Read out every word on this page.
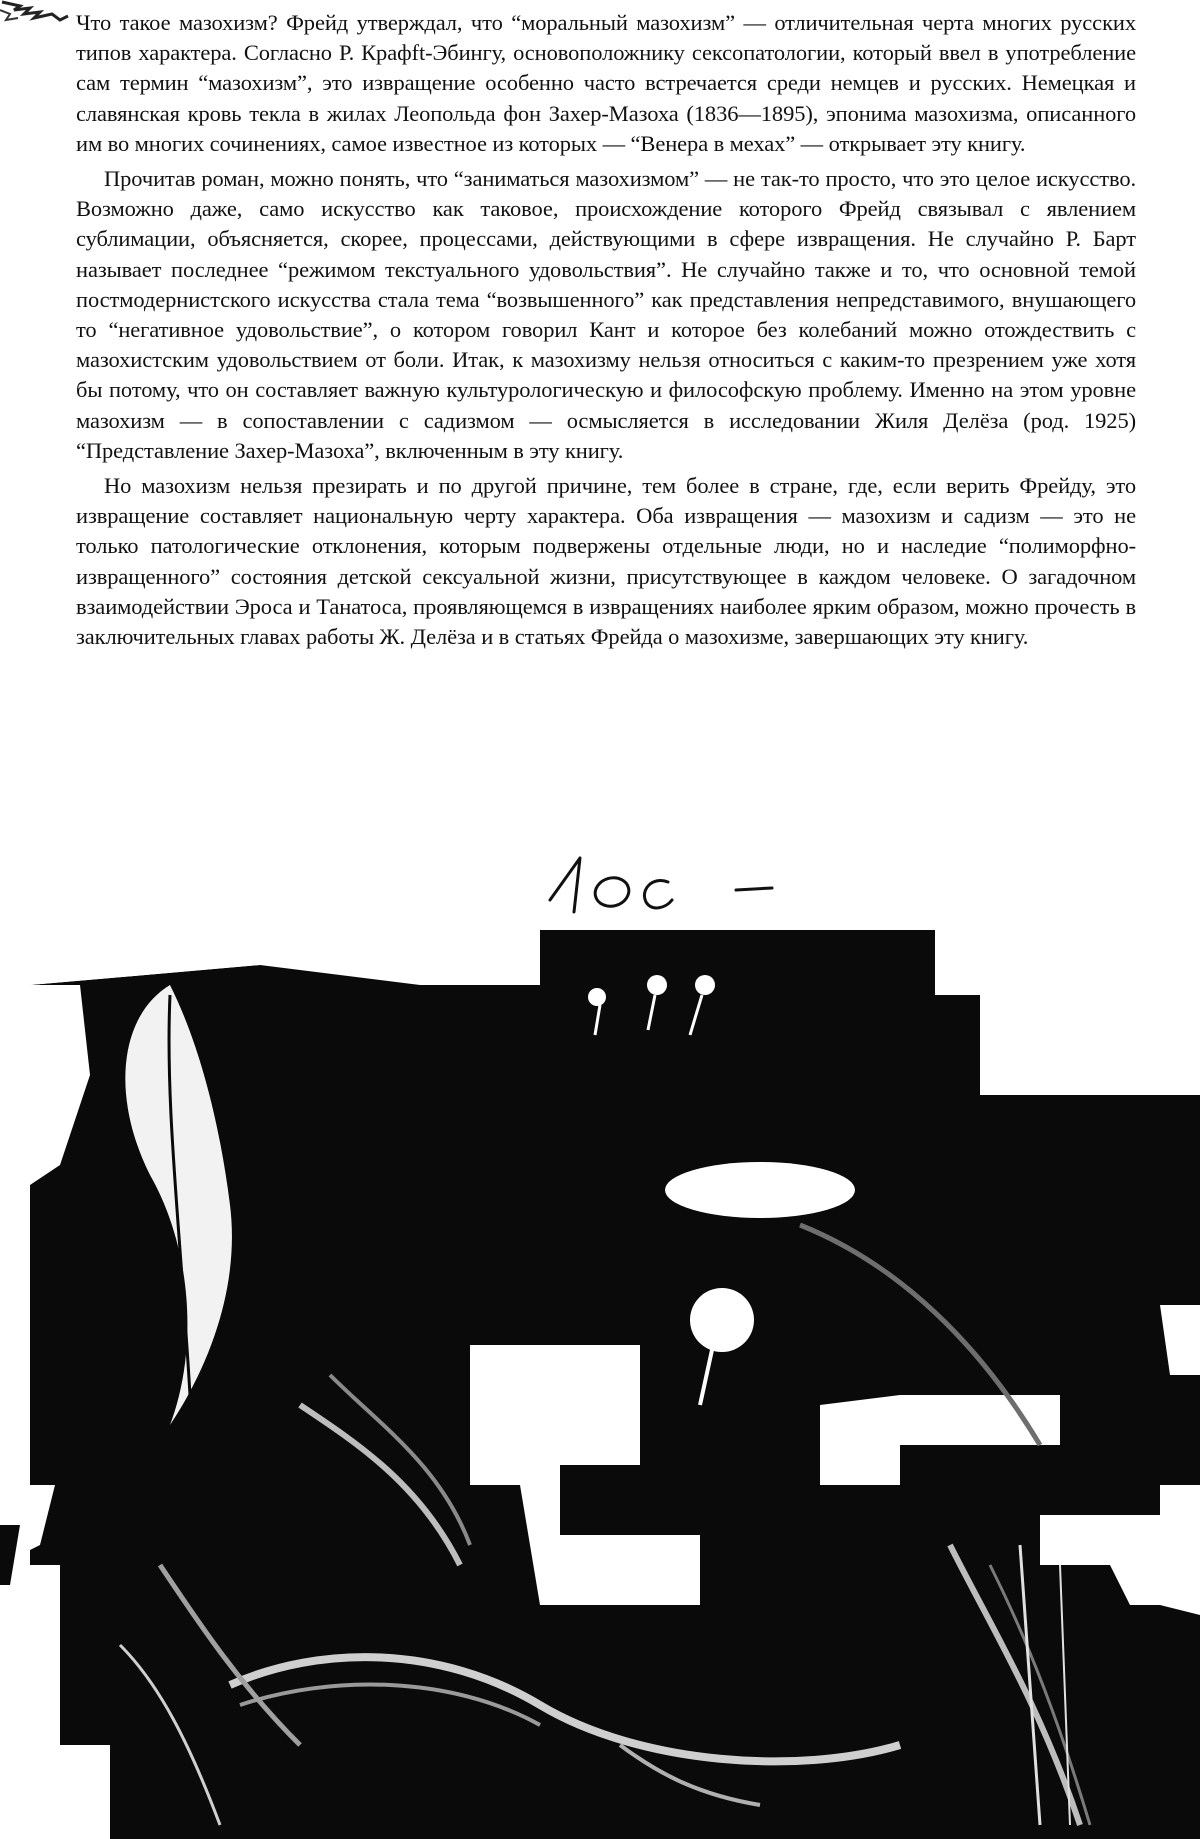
Что такое мазохизм? Фрейд утверждал, что “моральный мазохизм” — отличительная черта многих русских типов характера. Согласно Р. Крафft-Эбингу, основоположнику сексопатологии, который ввел в употребление сам термин “мазохизм”, это извращение особенно часто встречается среди немцев и русских. Немецкая и славянская кровь текла в жилах Леопольда фон Захер-Мазоха (1836—1895), эпонима мазохизма, описанного им во многих сочинениях, самое известное из которых — “Венера в мехах” — открывает эту книгу.

Прочитав роман, можно понять, что “заниматься мазохизмом” — не так-то просто, что это целое искусство. Возможно даже, само искусство как таковое, происхождение которого Фрейд связывал с явлением сублимации, объясняется, скорее, процессами, действующими в сфере извращения. Не случайно Р. Барт называет последнее “режимом текстуального удовольствия”. Не случайно также и то, что основной темой постмодернистского искусства стала тема “возвышенного” как представления непредставимого, внушающего то “негативное удовольствие”, о котором говорил Кант и которое без колебаний можно отождествить с мазохистским удовольствием от боли. Итак, к мазохизму нельзя относиться с каким-то презрением уже хотя бы потому, что он составляет важную культурологическую и философскую проблему. Именно на этом уровне мазохизм — в сопоставлении с садизмом — осмысляется в исследовании Жиля Делёза (род. 1925) “Представление Захер-Мазоха”, включенным в эту книгу.

Но мазохизм нельзя презирать и по другой причине, тем более в стране, где, если верить Фрейду, это извращение составляет национальную черту характера. Оба извращения — мазохизм и садизм — это не только патологические отклонения, которым подвержены отдельные люди, но и наследие “полиморфно-извращенного” состояния детской сексуальной жизни, присутствующее в каждом человеке. О загадочном взаимодействии Эроса и Танатоса, проявляющемся в извращениях наиболее ярким образом, можно прочесть в заключительных главах работы Ж. Делёза и в статьях Фрейда о мазохизме, завершающих эту книгу.
